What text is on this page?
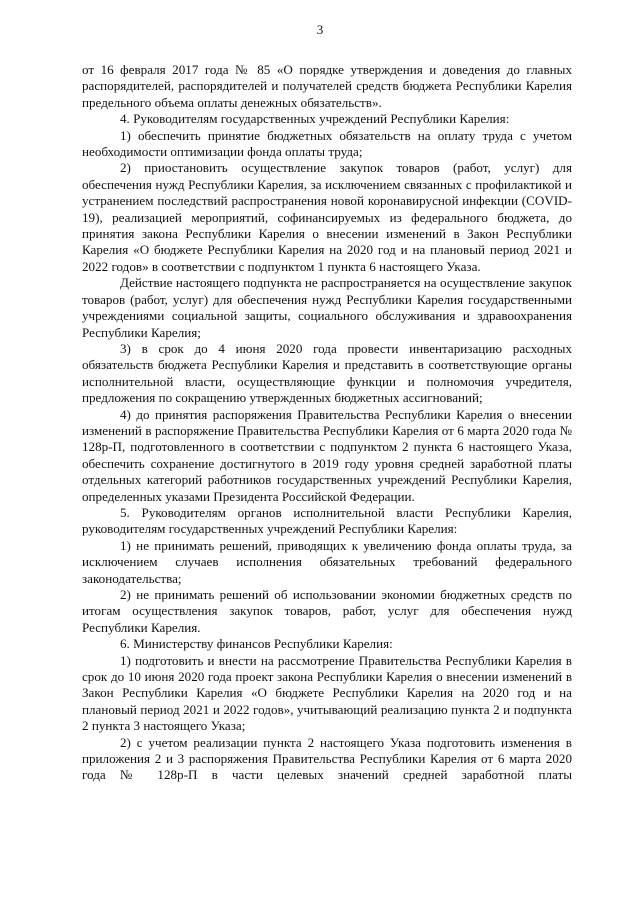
3

от 16 февраля 2017 года № 85 «О порядке утверждения и доведения до главных распорядителей, распорядителей и получателей средств бюджета Республики Карелия предельного объема оплаты денежных обязательств».

4. Руководителям государственных учреждений Республики Карелия:

1) обеспечить принятие бюджетных обязательств на оплату труда с учетом необходимости оптимизации фонда оплаты труда;

2) приостановить осуществление закупок товаров (работ, услуг) для обеспечения нужд Республики Карелия, за исключением связанных с профилактикой и устранением последствий распространения новой коронавирусной инфекции (COVID-19), реализацией мероприятий, софинансируемых из федерального бюджета, до принятия закона Республики Карелия о внесении изменений в Закон Республики Карелия «О бюджете Республики Карелия на 2020 год и на плановый период 2021 и 2022 годов» в соответствии с подпунктом 1 пункта 6 настоящего Указа.

Действие настоящего подпункта не распространяется на осуществление закупок товаров (работ, услуг) для обеспечения нужд Республики Карелия государственными учреждениями социальной защиты, социального обслуживания и здравоохранения Республики Карелия;

3) в срок до 4 июня 2020 года провести инвентаризацию расходных обязательств бюджета Республики Карелия и представить в соответствующие органы исполнительной власти, осуществляющие функции и полномочия учредителя, предложения по сокращению утвержденных бюджетных ассигнований;

4) до принятия распоряжения Правительства Республики Карелия о внесении изменений в распоряжение Правительства Республики Карелия от 6 марта 2020 года № 128р-П, подготовленного в соответствии с подпунктом 2 пункта 6 настоящего Указа, обеспечить сохранение достигнутого в 2019 году уровня средней заработной платы отдельных категорий работников государственных учреждений Республики Карелия, определенных указами Президента Российской Федерации.

5. Руководителям органов исполнительной власти Республики Карелия, руководителям государственных учреждений Республики Карелия:

1) не принимать решений, приводящих к увеличению фонда оплаты труда, за исключением случаев исполнения обязательных требований федерального законодательства;

2) не принимать решений об использовании экономии бюджетных средств по итогам осуществления закупок товаров, работ, услуг для обеспечения нужд Республики Карелия.

6. Министерству финансов Республики Карелия:

1) подготовить и внести на рассмотрение Правительства Республики Карелия в срок до 10 июня 2020 года проект закона Республики Карелия о внесении изменений в Закон Республики Карелия «О бюджете Республики Карелия на 2020 год и на плановый период 2021 и 2022 годов», учитывающий реализацию пункта 2 и подпункта 2 пункта 3 настоящего Указа;

2) с учетом реализации пункта 2 настоящего Указа подготовить изменения в приложения 2 и 3 распоряжения Правительства Республики Карелия от 6 марта 2020 года № 128р-П в части целевых значений средней заработной платы
